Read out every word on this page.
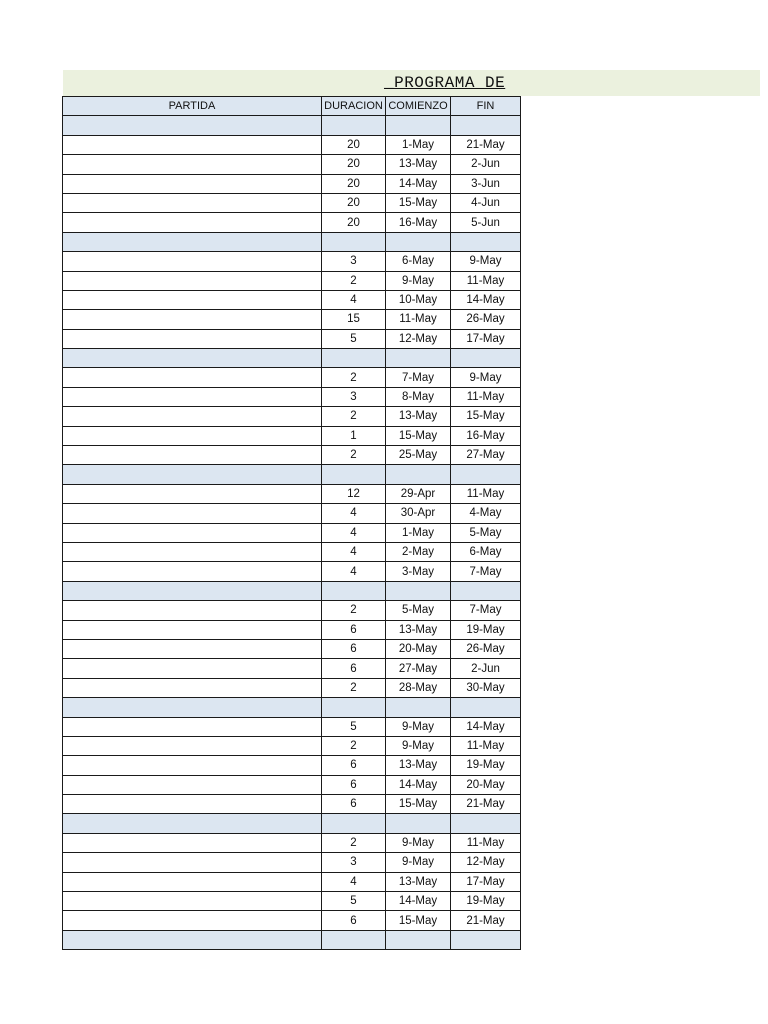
_PROGRAMA DE
PARTIDA	DURACION	COMIENZO	FIN

	20	1-May	21-May
	20	13-May	2-Jun
	20	14-May	3-Jun
	20	15-May	4-Jun
	20	16-May	5-Jun

	3	6-May	9-May
	2	9-May	11-May
	4	10-May	14-May
	15	11-May	26-May
	5	12-May	17-May

	2	7-May	9-May
	3	8-May	11-May
	2	13-May	15-May
	1	15-May	16-May
	2	25-May	27-May

	12	29-Apr	11-May
	4	30-Apr	4-May
	4	1-May	5-May
	4	2-May	6-May
	4	3-May	7-May

	2	5-May	7-May
	6	13-May	19-May
	6	20-May	26-May
	6	27-May	2-Jun
	2	28-May	30-May

	5	9-May	14-May
	2	9-May	11-May
	6	13-May	19-May
	6	14-May	20-May
	6	15-May	21-May

	2	9-May	11-May
	3	9-May	12-May
	4	13-May	17-May
	5	14-May	19-May
	6	15-May	21-May
